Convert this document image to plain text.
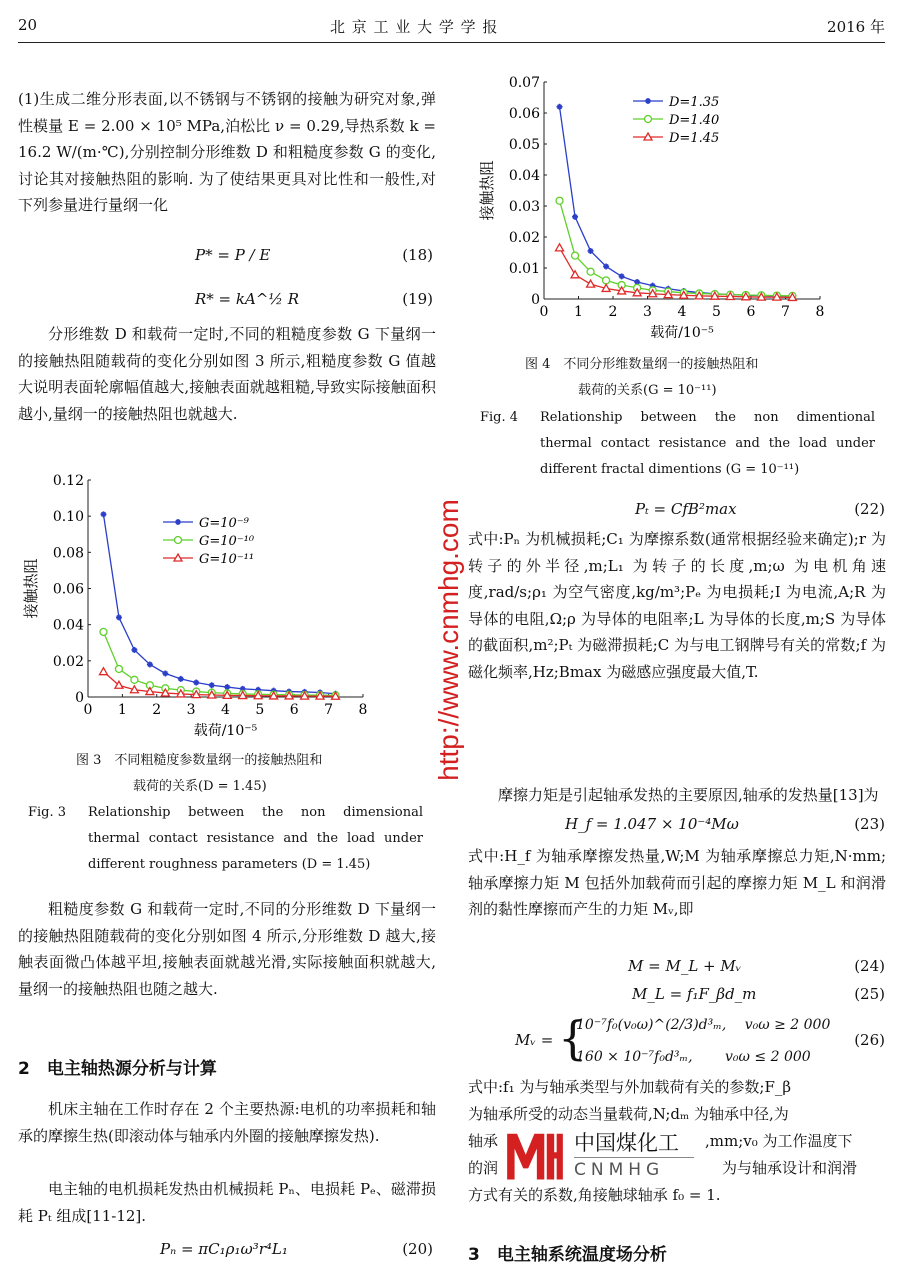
20	北 京 工 业 大 学 学 报	2016 年

(1)生成二维分形表面,以不锈钢与不锈钢的接触为研究对象,弹性模量 E = 2.00 × 10⁵ MPa,泊松比 ν = 0.29,导热系数 k = 16.2 W/(m·℃),分别控制分形维数 D 和粗糙度参数 G 的变化,讨论其对接触热阻的影响. 为了使结果更具对比性和一般性,对下列参量进行量纲一化

P* = P / E	(18)
R* = kA^½ R	(19)

分形维数 D 和载荷一定时,不同的粗糙度参数 G 下量纲一的接触热阻随载荷的变化分别如图 3 所示,粗糙度参数 G 值越大说明表面轮廓幅值越大,接触表面就越粗糙,导致实际接触面积越小,量纲一的接触热阻也就越大.

0 1 2 3 4 5 6 7 8
0
0.02
0.04
0.06
0.08
0.10
0.12
载荷/10⁻⁵
接触热阻
G=10⁻⁹
G=10⁻¹⁰
G=10⁻¹¹
图 3　不同粗糙度参数量纲一的接触热阻和
载荷的关系(D = 1.45)
Fig. 3 Relationship between the non dimensional thermal contact resistance and the load under different roughness parameters (D = 1.45)

粗糙度参数 G 和载荷一定时,不同的分形维数 D 下量纲一的接触热阻随载荷的变化分别如图 4 所示,分形维数 D 越大,接触表面微凸体越平坦,接触表面就越光滑,实际接触面积就越大,量纲一的接触热阻也随之越大.

2　电主轴热源分析与计算

机床主轴在工作时存在 2 个主要热源:电机的功率损耗和轴承的摩擦生热(即滚动体与轴承内外圈的接触摩擦发热).

电主轴的电机损耗发热由机械损耗 Pₙ、电损耗 Pₑ、磁滞损耗 Pₜ 组成[11-12].

Pₙ = πC₁ρ₁ω³r⁴L₁	(20)
0 1 2 3 4 5 6 7 8
0
0.01
0.02
0.03
0.04
0.05
0.06
0.07
载荷/10⁻⁵
接触热阻
D=1.35
D=1.40
D=1.45
图 4　不同分形维数量纲一的接触热阻和
载荷的关系(G = 10⁻¹¹)
Fig. 4 Relationship between the non dimentional thermal contact resistance and the load under different fractal dimentions (G = 10⁻¹¹)
Pₜ = CfB²max	(22)

式中:Pₙ 为机械损耗;C₁ 为摩擦系数(通常根据经验来确定);r 为转子的外半径,m;L₁ 为转子的长度,m;ω 为电机角速度,rad/s;ρ₁ 为空气密度,kg/m³;Pₑ 为电损耗;I 为电流,A;R 为导体的电阻,Ω;ρ 为导体的电阻率;L 为导体的长度,m;S 为导体的截面积,m²;Pₜ 为磁滞损耗;C 为与电工钢牌号有关的常数;f 为磁化频率,Hz;Bmax 为磁感应强度最大值,T.

摩擦力矩是引起轴承发热的主要原因,轴承的发热量[13]为

H_f = 1.047 × 10⁻⁴Mω	(23)

式中:H_f 为轴承摩擦发热量,W;M 为轴承摩擦总力矩,N·mm;轴承摩擦力矩 M 包括外加载荷而引起的摩擦力矩 M_L 和润滑剂的黏性摩擦而产生的力矩 Mᵥ,即

M = M_L + Mᵥ	(24)
M_L = f₁F_βd_m	(25)
Mᵥ = {
10⁻⁷f₀(v₀ω)^(2/3)d³ₘ,　 v₀ω ≥ 2 000
160 × 10⁻⁷f₀d³ₘ,　　 v₀ω ≤ 2 000
(26)
式中:f₁ 为与轴承类型与外加载荷有关的参数;F_β
为轴承所受的动态当量载荷,N;dₘ 为轴承中径,为
轴承	,mm;v₀ 为工作温度下
的润	为与轴承设计和润滑
方式有关的系数,角接触球轴承 f₀ = 1.
3　电主轴系统温度场分析
中国煤化工
CNMHG
http://www.cnmhg.com
